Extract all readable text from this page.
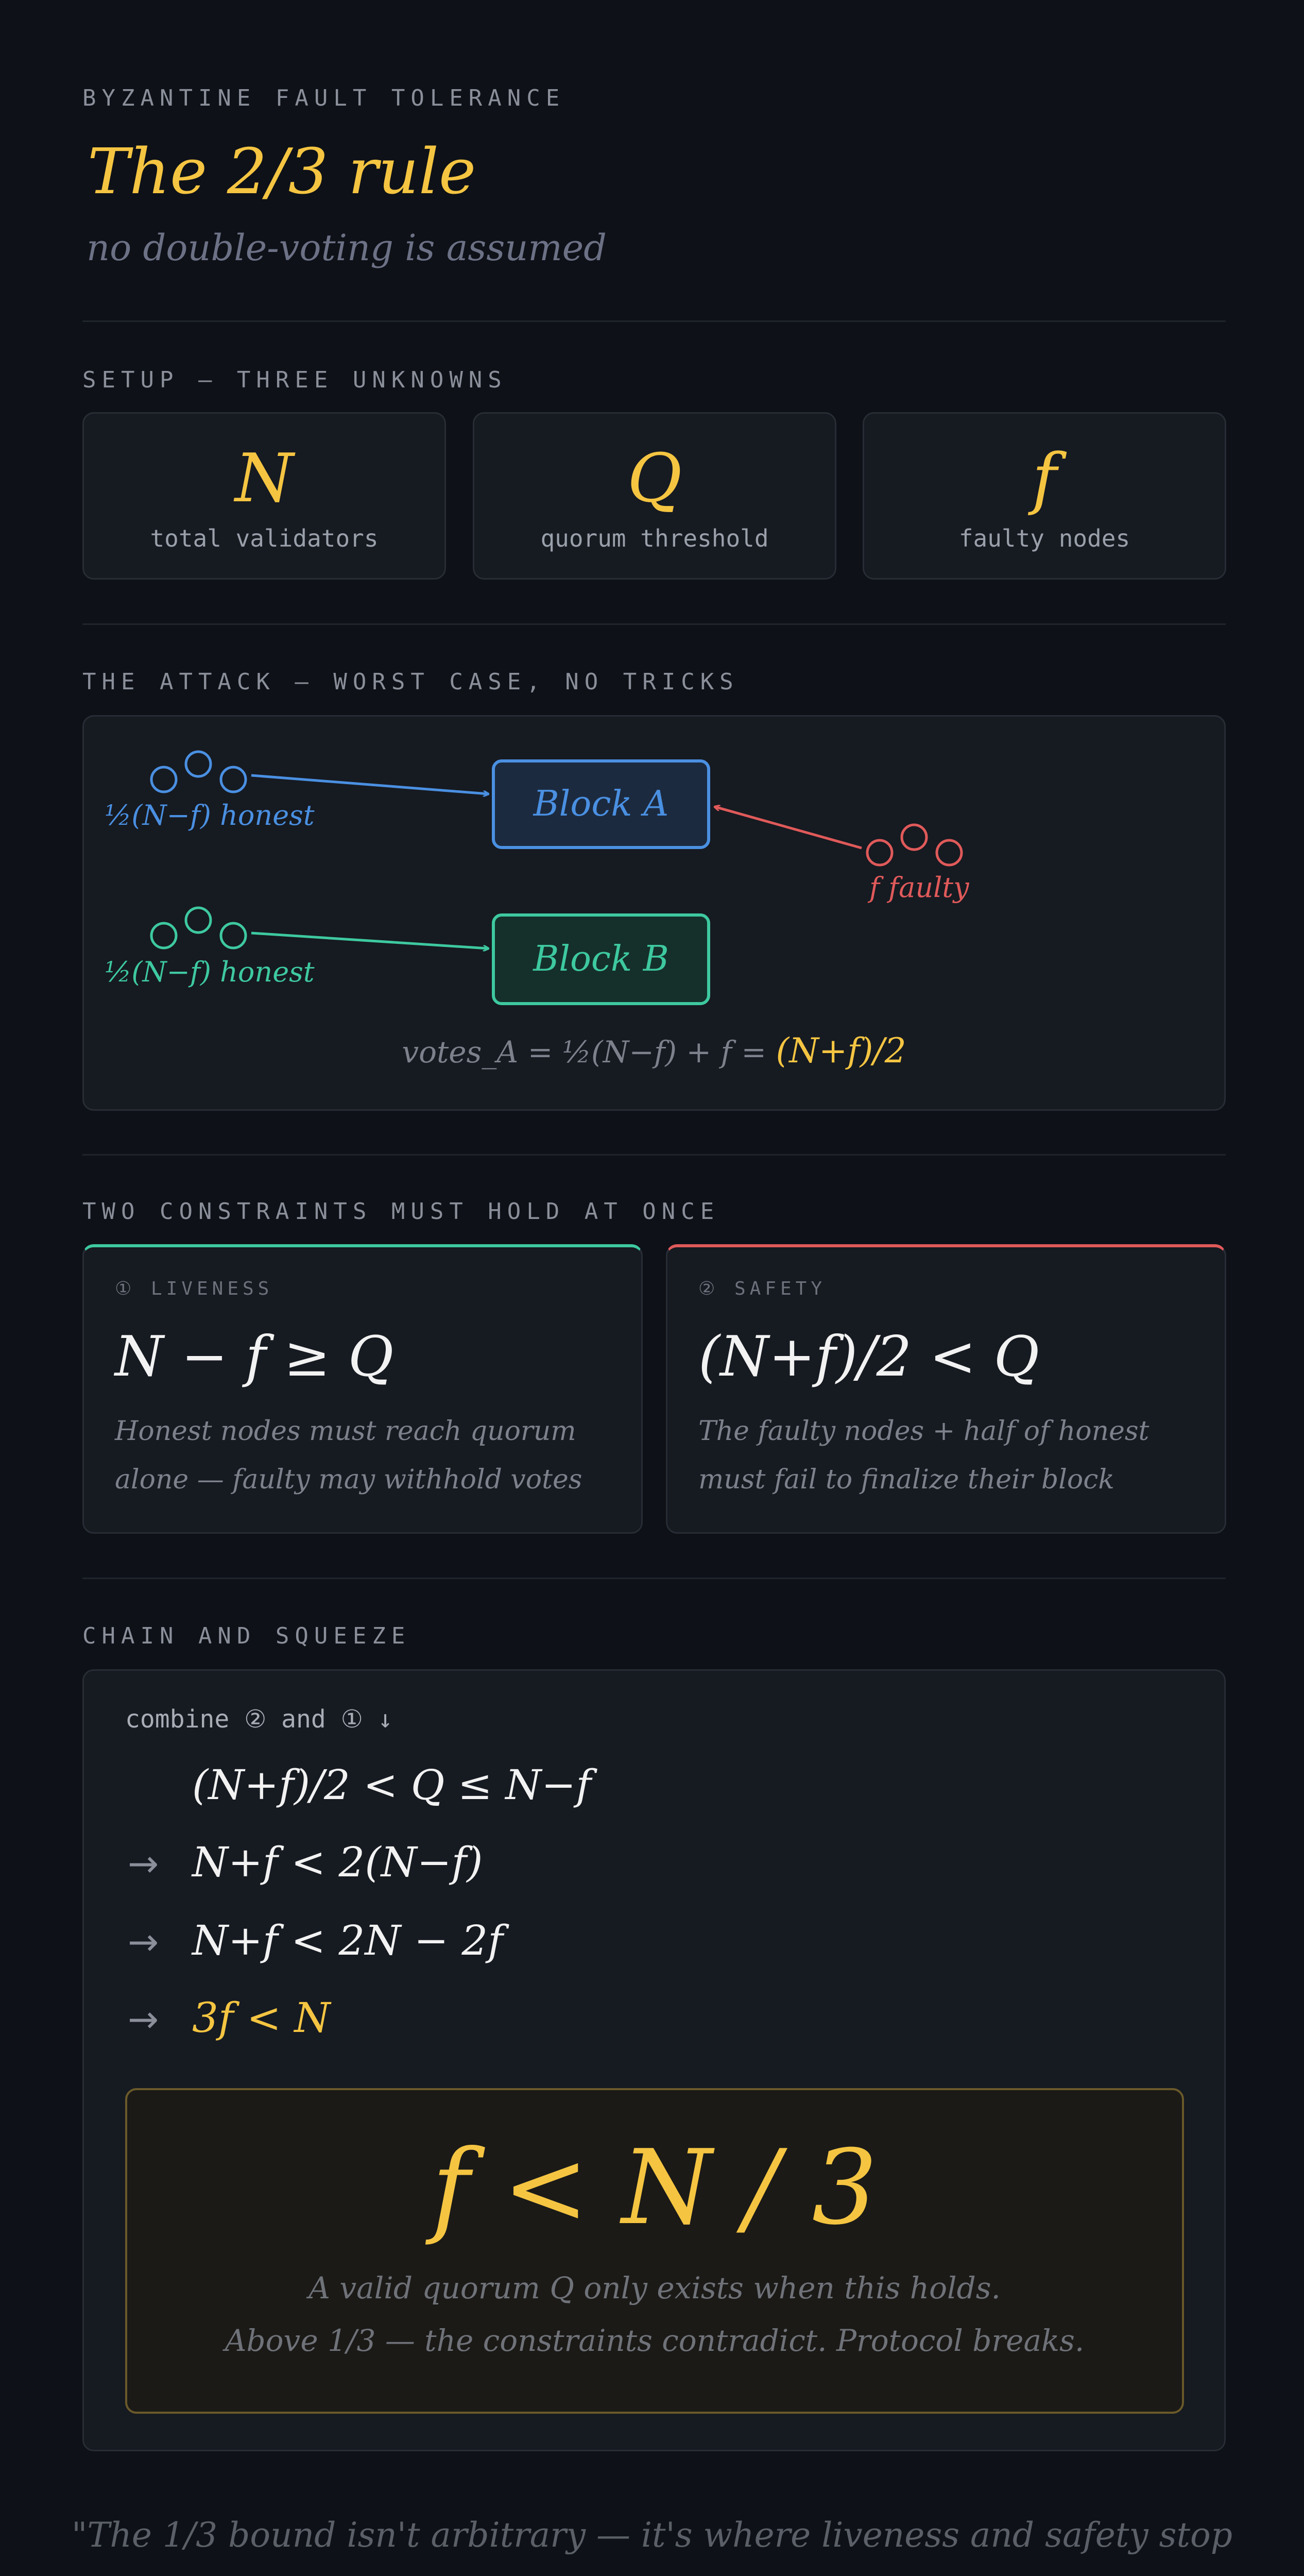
BYZANTINE FAULT TOLERANCE
The 2/3 rule
no double-voting is assumed
SETUP — THREE UNKNOWNS
N
total validators
Q
quorum threshold
f
faulty nodes
THE ATTACK — WORST CASE, NO TRICKS
½(N−f) honest
½(N−f) honest
f faulty
Block A
Block B
votes_A = ½(N−f) + f = (N+f)/2
TWO CONSTRAINTS MUST HOLD AT ONCE
① LIVENESS
N − f ≥ Q
Honest nodes must reach quorum alone — faulty may withhold votes
② SAFETY
(N+f)/2 < Q
The faulty nodes + half of honest must fail to finalize their block
CHAIN AND SQUEEZE
combine ② and ① ↓
(N+f)/2 < Q ≤ N−f
→ N+f < 2(N−f)
→ N+f < 2N − 2f
→ 3f < N
f < N / 3
A valid quorum Q only exists when this holds.
Above 1/3 — the constraints contradict. Protocol breaks.
"The 1/3 bound isn't arbitrary — it's where liveness and safety stop
